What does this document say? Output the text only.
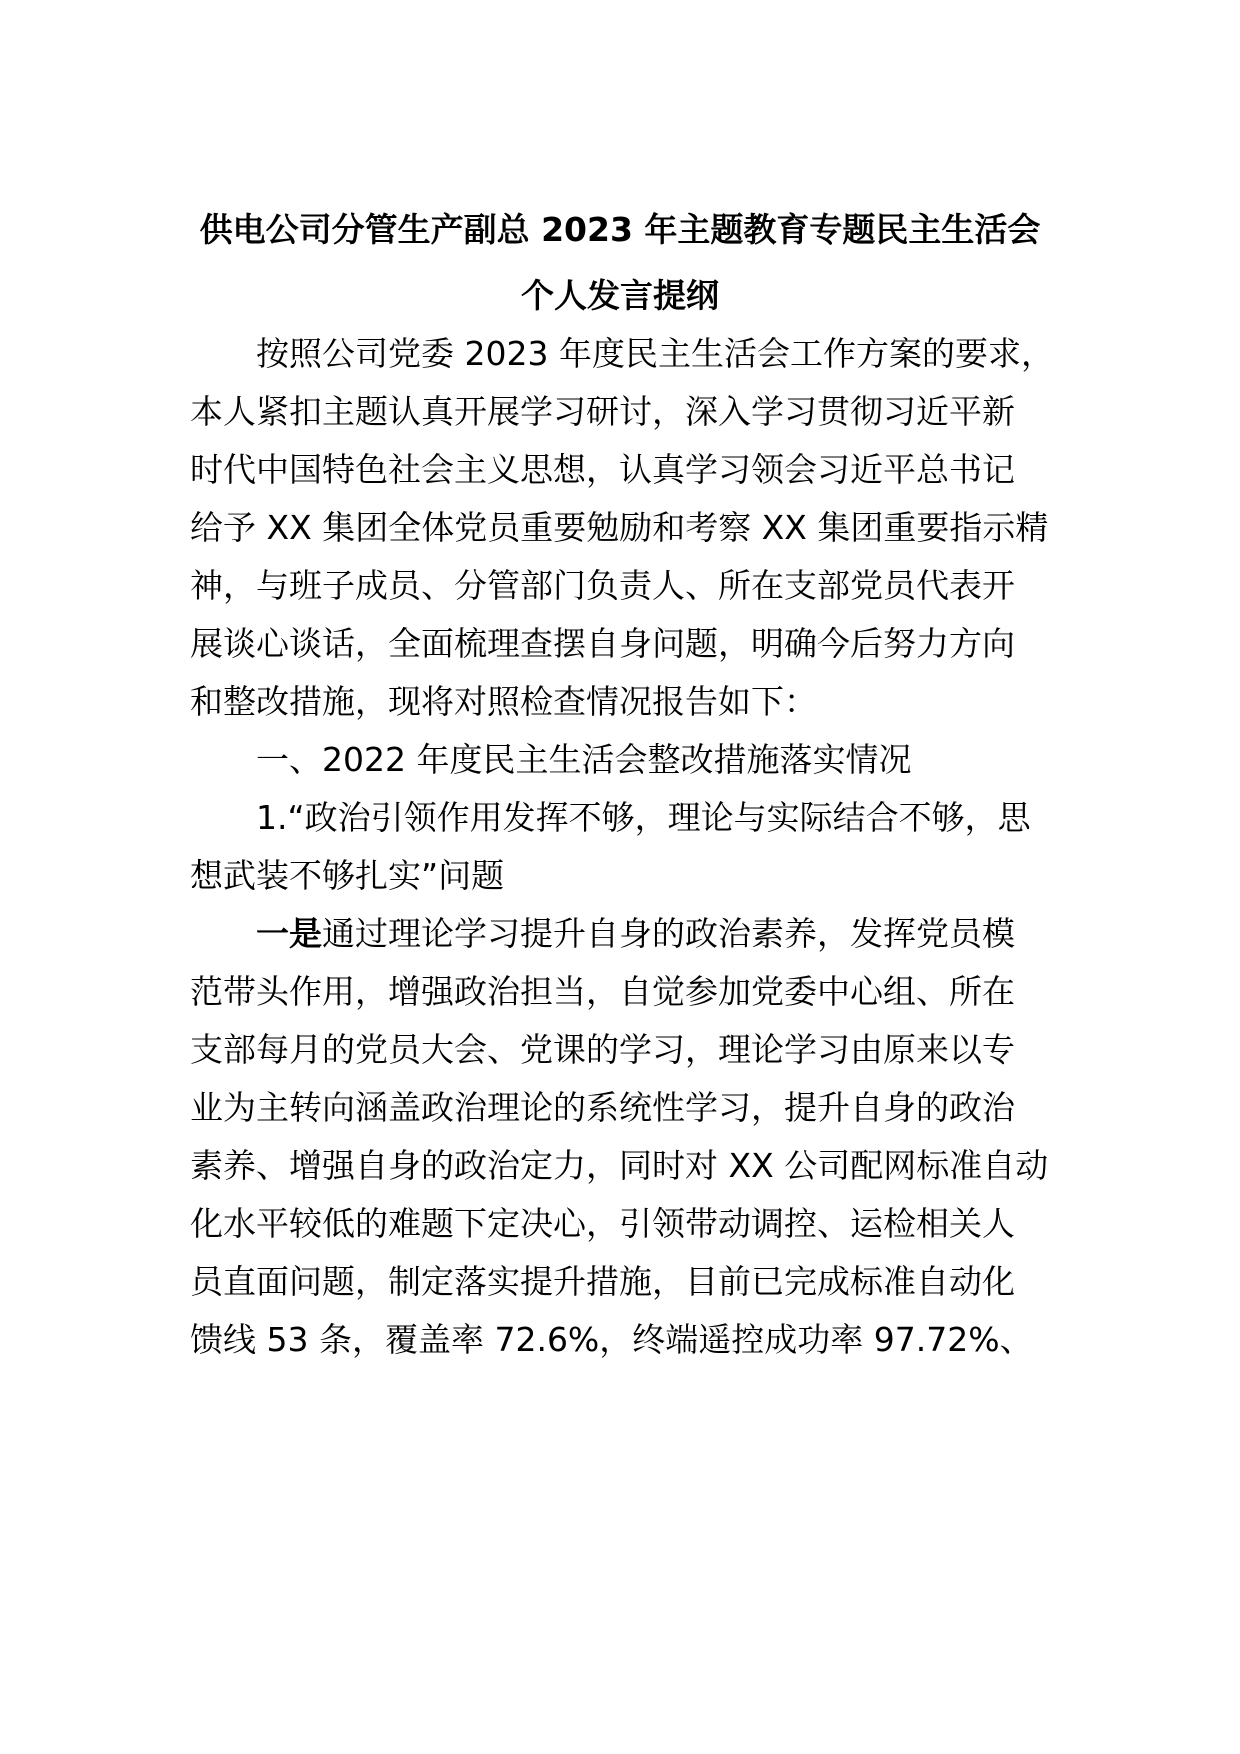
供电公司分管生产副总 2023 年主题教育专题民主生活会
个人发言提纲
按照公司党委 2023 年度民主生活会工作方案的要求，
本人紧扣主题认真开展学习研讨，深入学习贯彻习近平新
时代中国特色社会主义思想，认真学习领会习近平总书记
给予 XX 集团全体党员重要勉励和考察 XX 集团重要指示精
神，与班子成员、分管部门负责人、所在支部党员代表开
展谈心谈话，全面梳理查摆自身问题，明确今后努力方向
和整改措施，现将对照检查情况报告如下：
一、2022 年度民主生活会整改措施落实情况
1.“政治引领作用发挥不够，理论与实际结合不够，思
想武装不够扎实”问题
一是通过理论学习提升自身的政治素养，发挥党员模
范带头作用，增强政治担当，自觉参加党委中心组、所在
支部每月的党员大会、党课的学习，理论学习由原来以专
业为主转向涵盖政治理论的系统性学习，提升自身的政治
素养、增强自身的政治定力，同时对 XX 公司配网标准自动
化水平较低的难题下定决心，引领带动调控、运检相关人
员直面问题，制定落实提升措施，目前已完成标准自动化
馈线 53 条，覆盖率 72.6%，终端遥控成功率 97.72%、
